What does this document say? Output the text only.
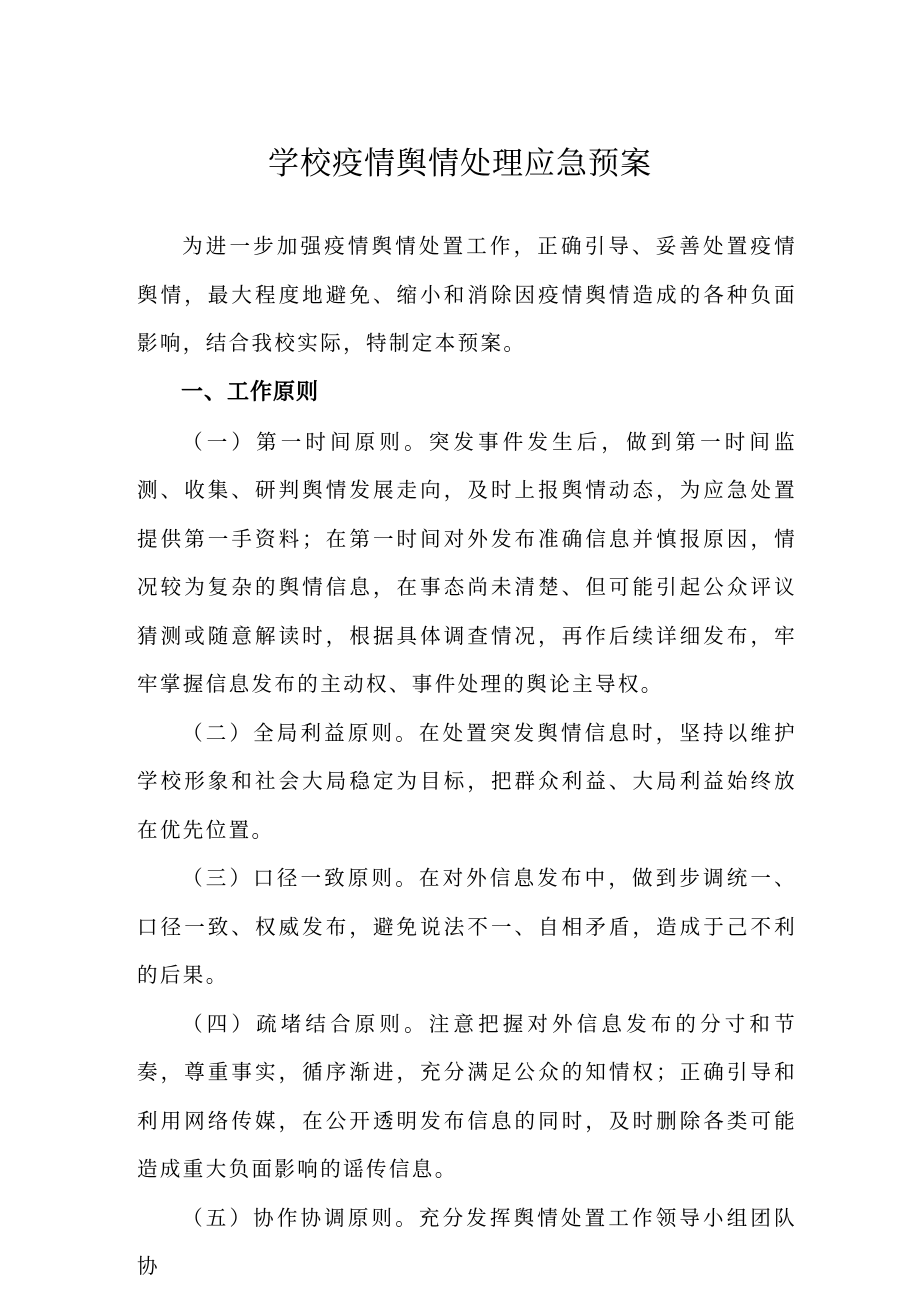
学校疫情舆情处理应急预案

为进一步加强疫情舆情处置工作，正确引导、妥善处置疫情舆情，最大程度地避免、缩小和消除因疫情舆情造成的各种负面影响，结合我校实际，特制定本预案。

一、工作原则

（一）第一时间原则。突发事件发生后，做到第一时间监测、收集、研判舆情发展走向，及时上报舆情动态，为应急处置提供第一手资料；在第一时间对外发布准确信息并慎报原因，情况较为复杂的舆情信息，在事态尚未清楚、但可能引起公众评议猜测或随意解读时，根据具体调查情况，再作后续详细发布，牢牢掌握信息发布的主动权、事件处理的舆论主导权。

（二）全局利益原则。在处置突发舆情信息时，坚持以维护学校形象和社会大局稳定为目标，把群众利益、大局利益始终放在优先位置。

（三）口径一致原则。在对外信息发布中，做到步调统一、口径一致、权威发布，避免说法不一、自相矛盾，造成于己不利的后果。

（四）疏堵结合原则。注意把握对外信息发布的分寸和节奏，尊重事实，循序渐进，充分满足公众的知情权；正确引导和利用网络传媒，在公开透明发布信息的同时，及时删除各类可能造成重大负面影响的谣传信息。

（五）协作协调原则。充分发挥舆情处置工作领导小组团队协
